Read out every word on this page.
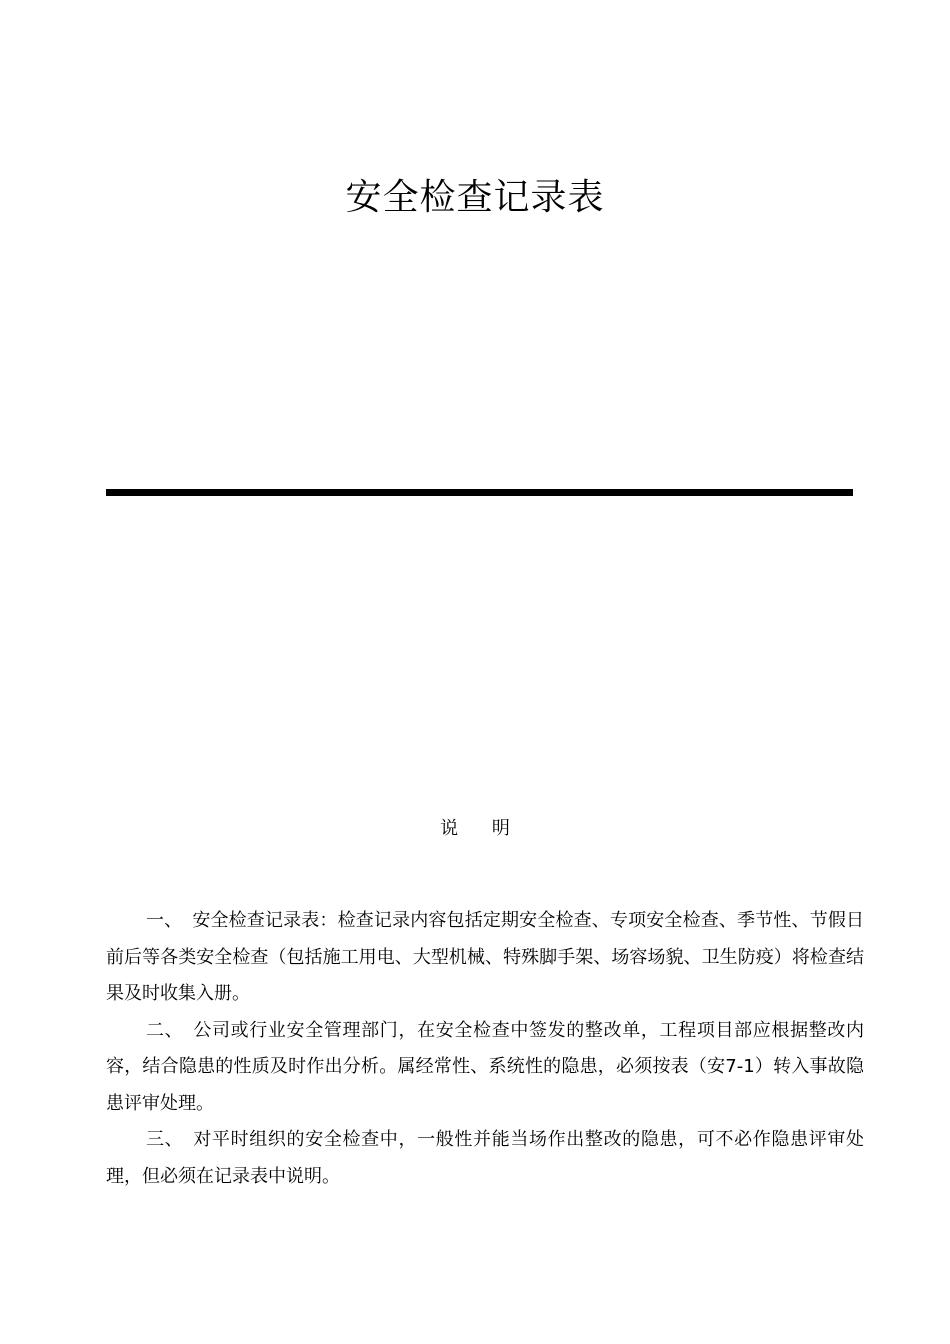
安全检查记录表
说 明

一、 安全检查记录表：检查记录内容包括定期安全检查、专项安全检查、季节性、节假日前后等各类安全检查（包括施工用电、大型机械、特殊脚手架、场容场貌、卫生防疫）将检查结果及时收集入册。

二、 公司或行业安全管理部门，在安全检查中签发的整改单，工程项目部应根据整改内容，结合隐患的性质及时作出分析。属经常性、系统性的隐患，必须按表（安7-1）转入事故隐患评审处理。

三、 对平时组织的安全检查中，一般性并能当场作出整改的隐患，可不必作隐患评审处理，但必须在记录表中说明。
